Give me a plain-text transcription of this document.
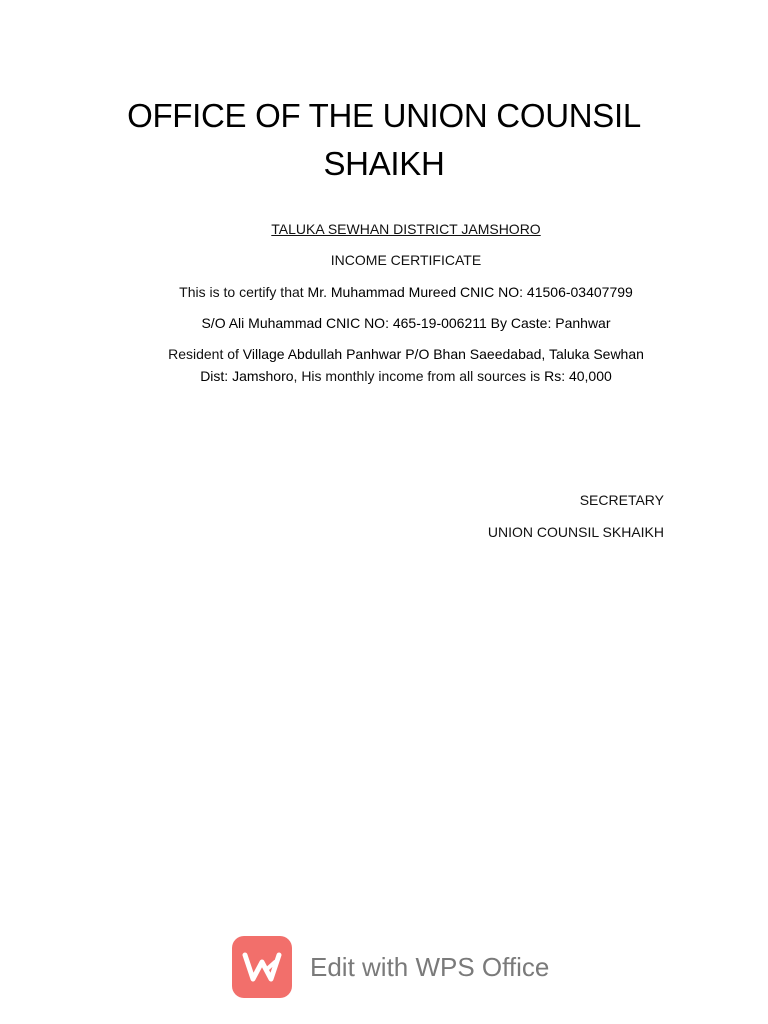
OFFICE OF THE UNION COUNSIL
SHAIKH

TALUKA SEWHAN DISTRICT JAMSHORO

INCOME CERTIFICATE

This is to certify that Mr. Muhammad Mureed CNIC NO: 41506-03407799

S/O Ali Muhammad CNIC NO: 465-19-006211 By Caste: Panhwar

Resident of Village Abdullah Panhwar P/O Bhan Saeedabad, Taluka Sewhan

Dist: Jamshoro, His monthly income from all sources is Rs: 40,000

SECRETARY
UNION COUNSIL SKHAIKH
Edit with WPS Office
